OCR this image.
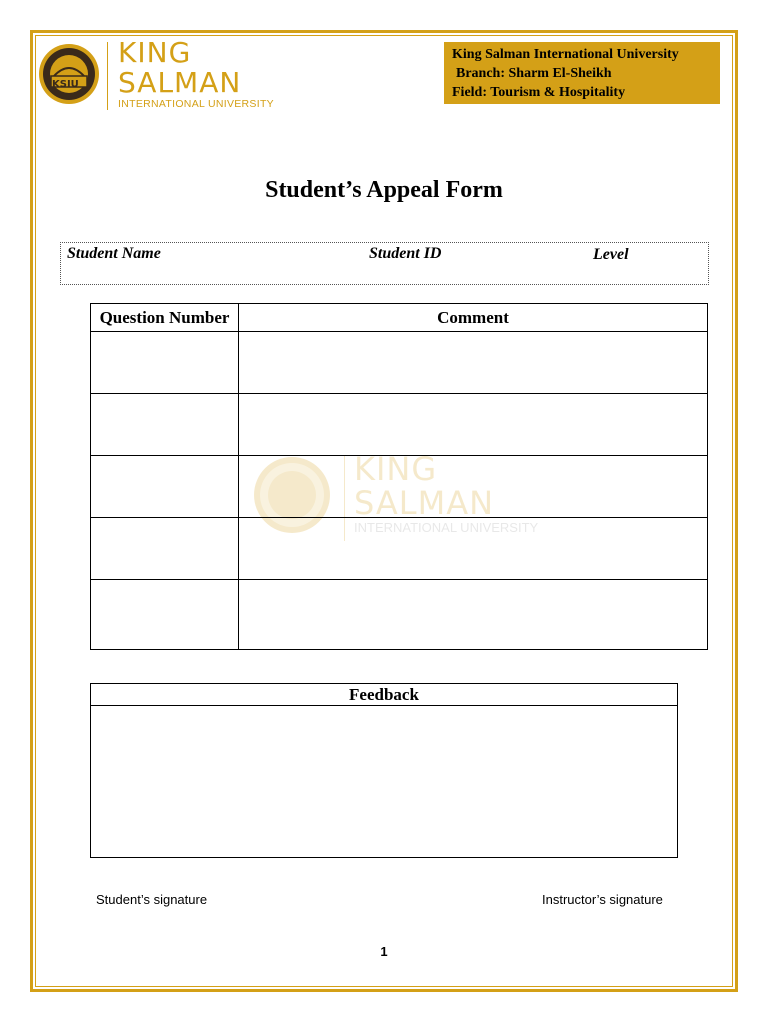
KSIU
KING
SALMAN
INTERNATIONAL UNIVERSITY
King Salman International University
Branch: Sharm El-Sheikh
Field: Tourism & Hospitality
KING
SALMAN
INTERNATIONAL UNIVERSITY
Student’s Appeal Form
Student Name	Student ID	Level
Question Number	Comment

Feedback
Student’s signature	Instructor’s signature
1
